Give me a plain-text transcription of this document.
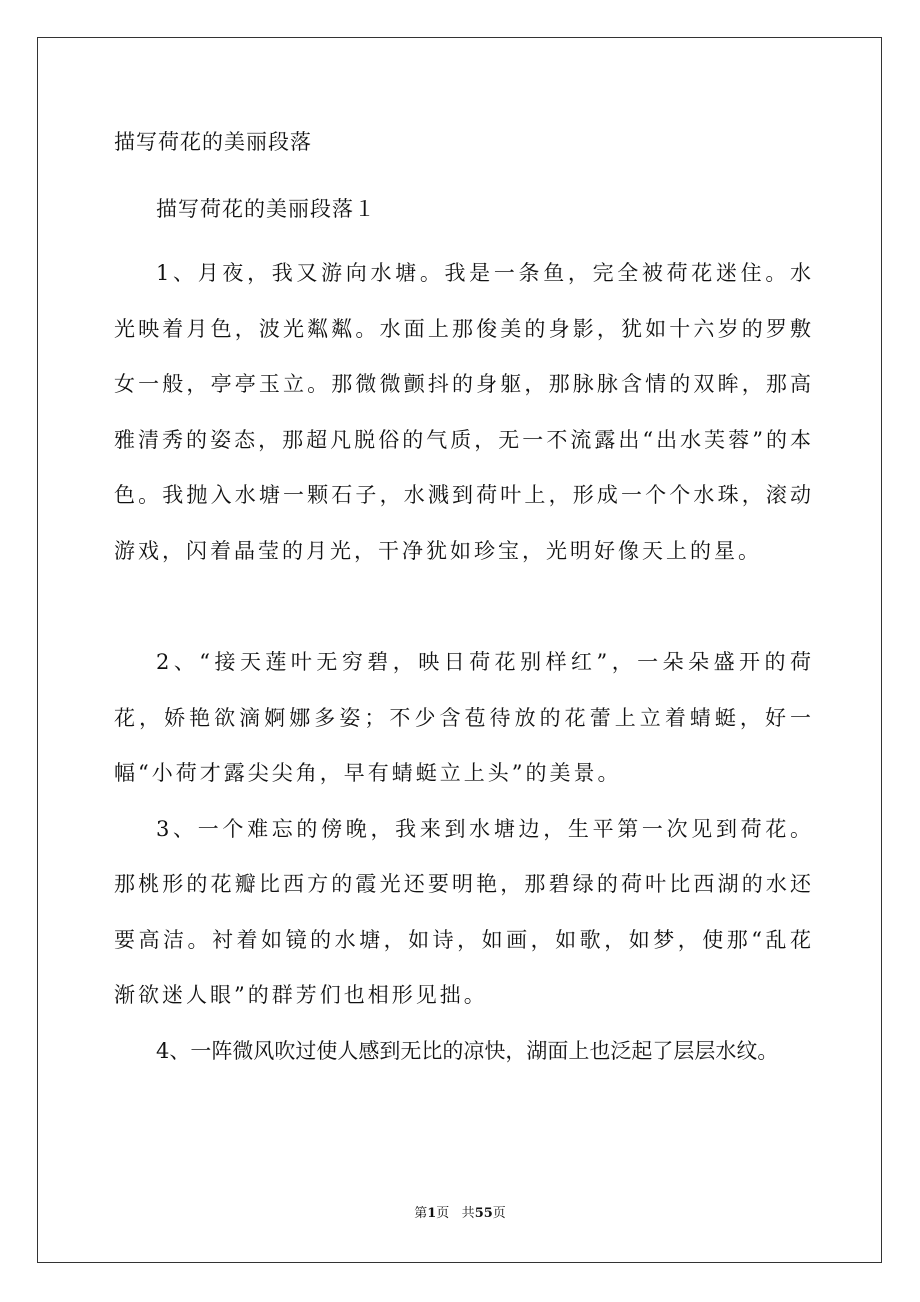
描写荷花的美丽段落
描写荷花的美丽段落１

1、月夜，我又游向水塘。我是一条鱼，完全被荷花迷住。水光映着月色，波光粼粼。水面上那俊美的身影，犹如十六岁的罗敷女一般，亭亭玉立。那微微颤抖的身躯，那脉脉含情的双眸，那高雅清秀的姿态，那超凡脱俗的气质，无一不流露出“出水芙蓉”的本色。我抛入水塘一颗石子，水溅到荷叶上，形成一个个水珠，滚动游戏，闪着晶莹的月光，干净犹如珍宝，光明好像天上的星。

2、“接天莲叶无穷碧，映日荷花别样红”，一朵朵盛开的荷花，娇艳欲滴婀娜多姿；不少含苞待放的花蕾上立着蜻蜓，好一幅“小荷才露尖尖角，早有蜻蜓立上头”的美景。

3、一个难忘的傍晚，我来到水塘边，生平第一次见到荷花。那桃形的花瓣比西方的霞光还要明艳，那碧绿的荷叶比西湖的水还要高洁。衬着如镜的水塘，如诗，如画，如歌，如梦，使那“乱花渐欲迷人眼”的群芳们也相形见拙。

4、一阵微风吹过使人感到无比的凉快，湖面上也泛起了层层水纹。

第1页 共55页
